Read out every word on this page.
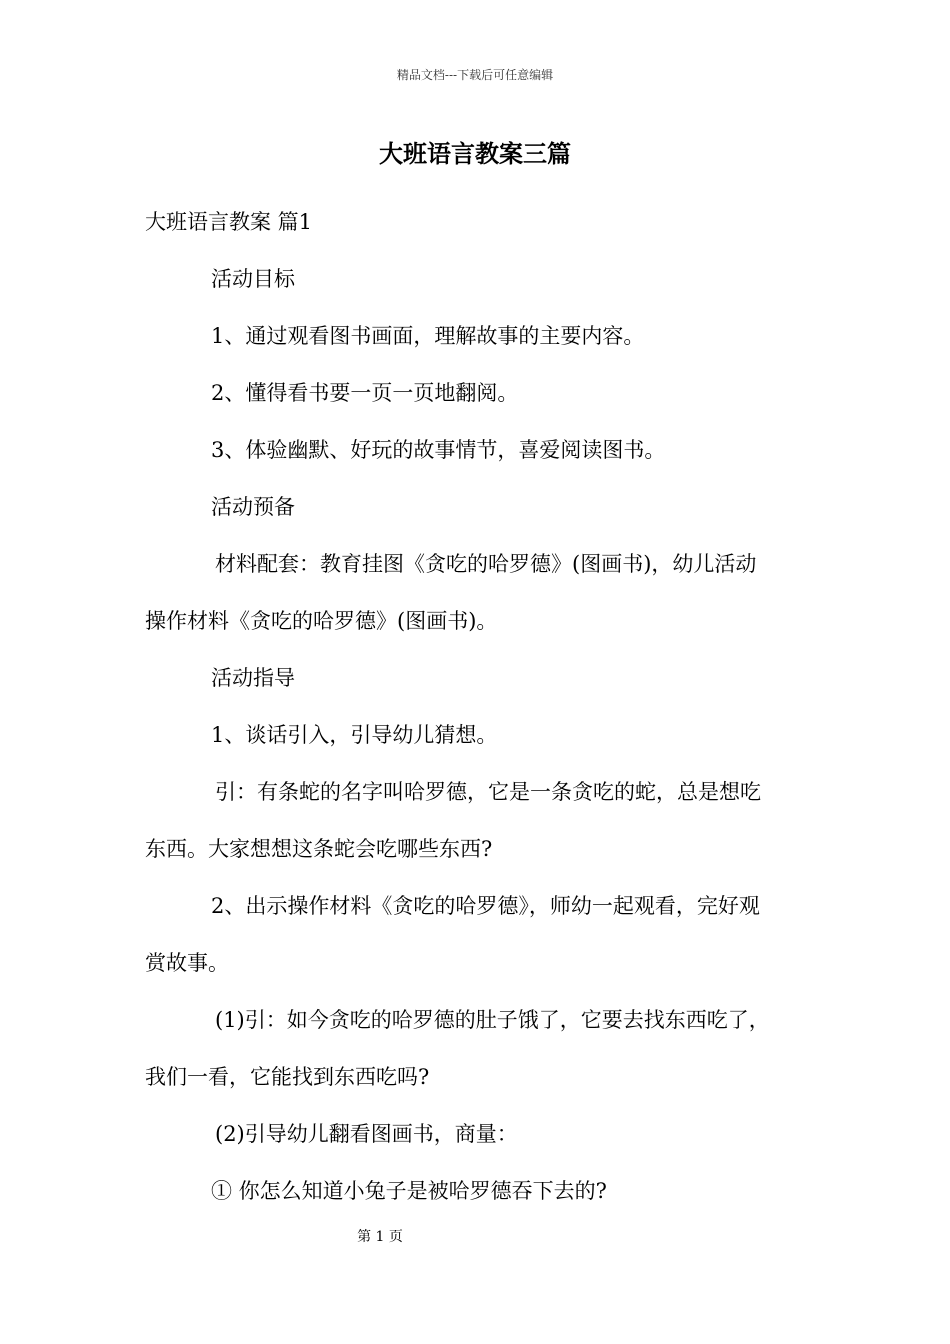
精品文档---下载后可任意编辑
大班语言教案三篇
大班语言教案 篇1
活动目标
1、通过观看图书画面，理解故事的主要内容。
2、懂得看书要一页一页地翻阅。
3、体验幽默、好玩的故事情节，喜爱阅读图书。
活动预备
材料配套：教育挂图《贪吃的哈罗德》(图画书)，幼儿活动
操作材料《贪吃的哈罗德》(图画书)。
活动指导
1、谈话引入，引导幼儿猜想。
引：有条蛇的名字叫哈罗德，它是一条贪吃的蛇，总是想吃
东西。大家想想这条蛇会吃哪些东西?
2、出示操作材料《贪吃的哈罗德》，师幼一起观看，完好观
赏故事。
(1)引：如今贪吃的哈罗德的肚子饿了，它要去找东西吃了，
我们一看，它能找到东西吃吗?
(2)引导幼儿翻看图画书，商量：
① 你怎么知道小兔子是被哈罗德吞下去的?
第 1 页
